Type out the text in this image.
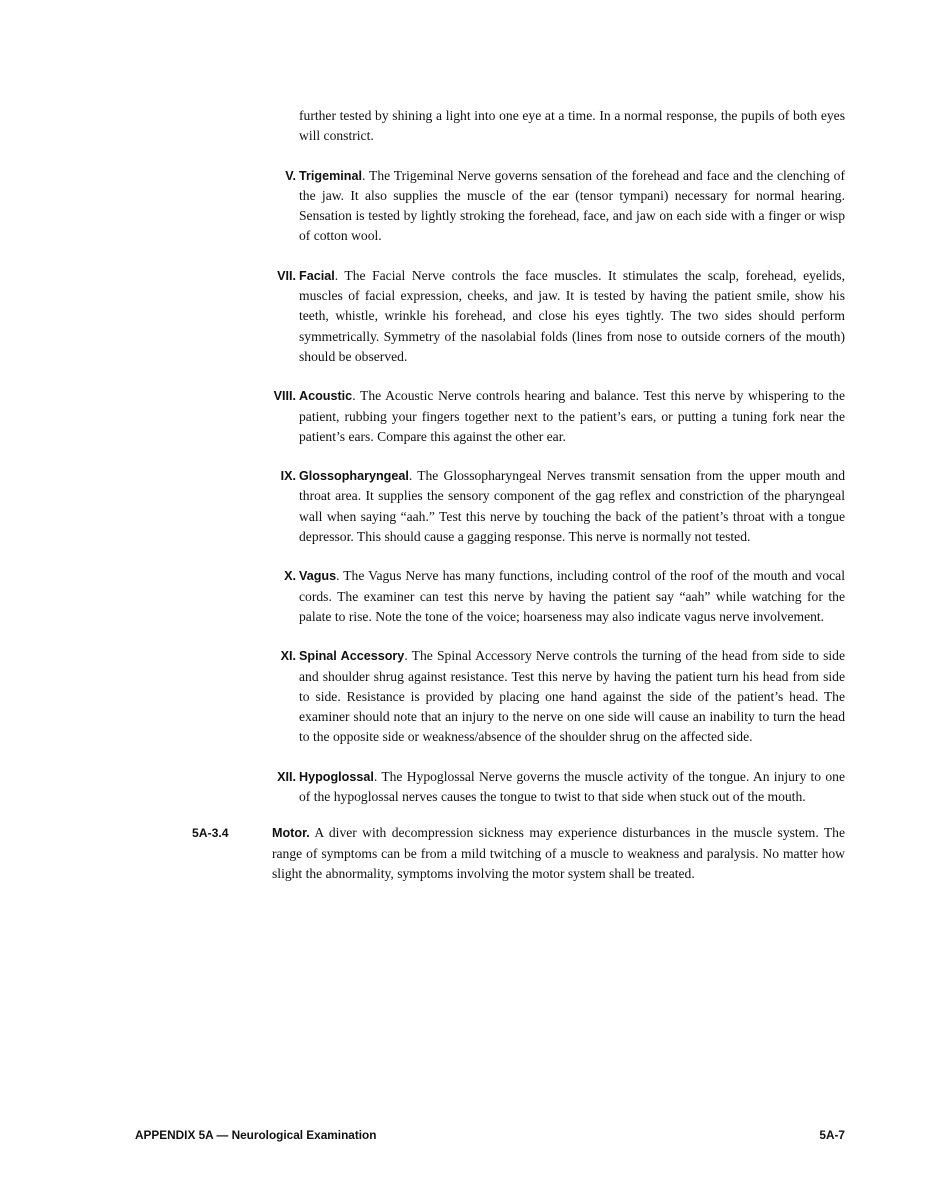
further tested by shining a light into one eye at a time. In a normal response, the pupils of both eyes will constrict.

V. Trigeminal. The Trigeminal Nerve governs sensation of the forehead and face and the clenching of the jaw. It also supplies the muscle of the ear (tensor tympani) necessary for normal hearing. Sensation is tested by lightly stroking the forehead, face, and jaw on each side with a finger or wisp of cotton wool.

VII. Facial. The Facial Nerve controls the face muscles. It stimulates the scalp, forehead, eyelids, muscles of facial expression, cheeks, and jaw. It is tested by having the patient smile, show his teeth, whistle, wrinkle his forehead, and close his eyes tightly. The two sides should perform symmetrically. Symmetry of the nasolabial folds (lines from nose to outside corners of the mouth) should be observed.

VIII. Acoustic. The Acoustic Nerve controls hearing and balance. Test this nerve by whispering to the patient, rubbing your fingers together next to the patient’s ears, or putting a tuning fork near the patient’s ears. Compare this against the other ear.

IX. Glossopharyngeal. The Glossopharyngeal Nerves transmit sensation from the upper mouth and throat area. It supplies the sensory component of the gag reflex and constriction of the pharyngeal wall when saying “aah.” Test this nerve by touching the back of the patient’s throat with a tongue depressor. This should cause a gagging response. This nerve is normally not tested.

X. Vagus. The Vagus Nerve has many functions, including control of the roof of the mouth and vocal cords. The examiner can test this nerve by having the patient say “aah” while watching for the palate to rise. Note the tone of the voice; hoarseness may also indicate vagus nerve involvement.

XI. Spinal Accessory. The Spinal Accessory Nerve controls the turning of the head from side to side and shoulder shrug against resistance. Test this nerve by having the patient turn his head from side to side. Resistance is provided by placing one hand against the side of the patient’s head. The examiner should note that an injury to the nerve on one side will cause an inability to turn the head to the opposite side or weakness/absence of the shoulder shrug on the affected side.

XII. Hypoglossal. The Hypoglossal Nerve governs the muscle activity of the tongue. An injury to one of the hypoglossal nerves causes the tongue to twist to that side when stuck out of the mouth.

5A-3.4	Motor. A diver with decompression sickness may experience disturbances in the muscle system. The range of symptoms can be from a mild twitching of a muscle to weakness and paralysis. No matter how slight the abnormality, symptoms involving the motor system shall be treated.

APPENDIX 5A — Neurological Examination	5A-7
